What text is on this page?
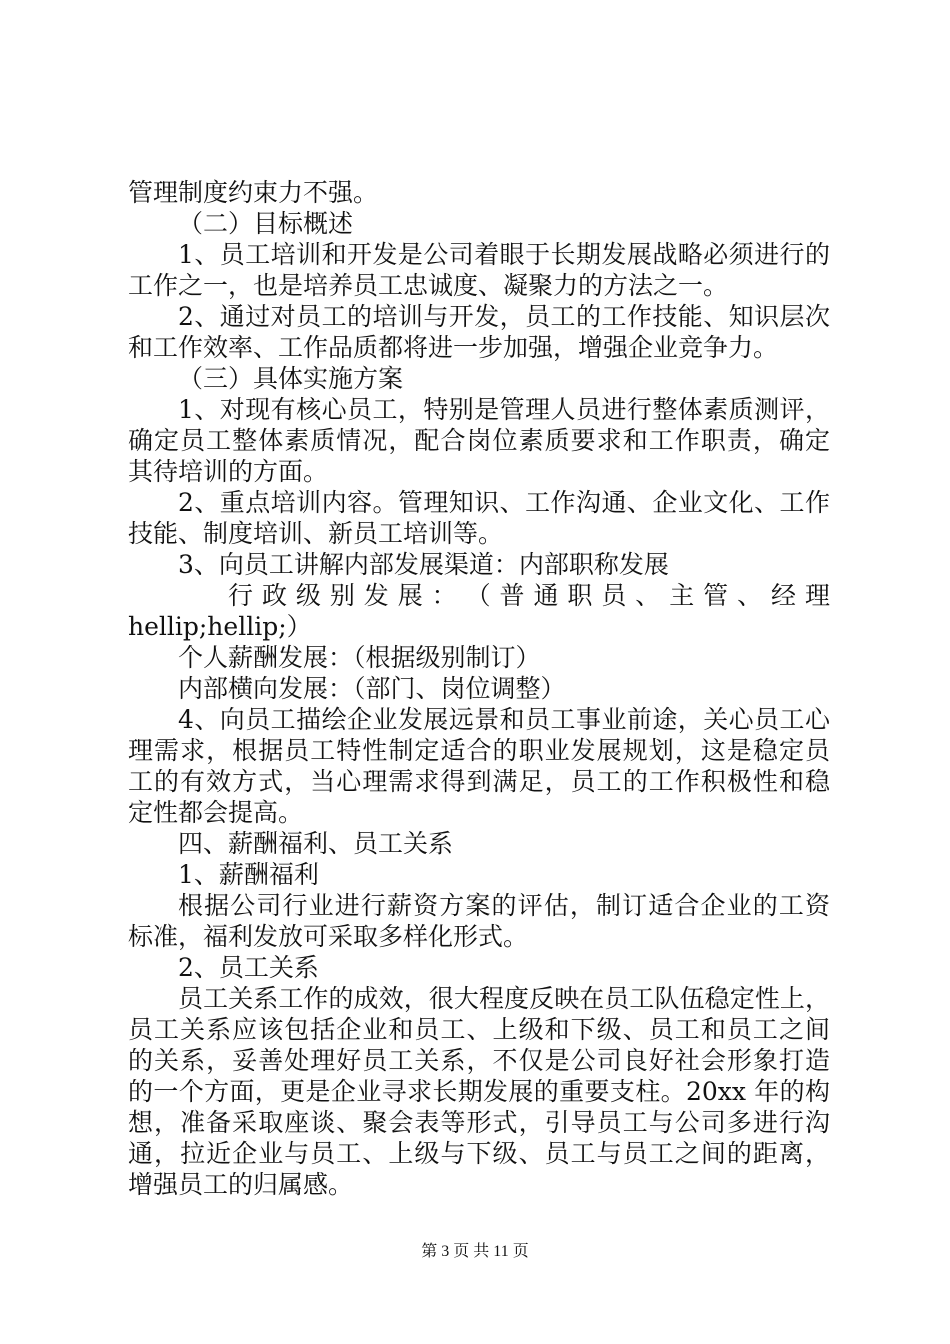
管理制度约束力不强。
（二）目标概述
1、员工培训和开发是公司着眼于长期发展战略必须进行的
工作之一，也是培养员工忠诚度、凝聚力的方法之一。
2、通过对员工的培训与开发，员工的工作技能、知识层次
和工作效率、工作品质都将进一步加强，增强企业竞争力。
（三）具体实施方案
1、对现有核心员工，特别是管理人员进行整体素质测评，
确定员工整体素质情况，配合岗位素质要求和工作职责，确定
其待培训的方面。
2、重点培训内容。管理知识、工作沟通、企业文化、工作
技能、制度培训、新员工培训等。
3、向员工讲解内部发展渠道：内部职称发展
行 政 级 别 发 展 ： （ 普 通 职 员 、 主 管 、 经 理
hellip;hellip;）
个人薪酬发展：（根据级别制订）
内部横向发展：（部门、岗位调整）
4、向员工描绘企业发展远景和员工事业前途，关心员工心
理需求，根据员工特性制定适合的职业发展规划，这是稳定员
工的有效方式，当心理需求得到满足，员工的工作积极性和稳
定性都会提高。
四、薪酬福利、员工关系
1、薪酬福利
根据公司行业进行薪资方案的评估，制订适合企业的工资
标准，福利发放可采取多样化形式。
2、员工关系
员工关系工作的成效，很大程度反映在员工队伍稳定性上，
员工关系应该包括企业和员工、上级和下级、员工和员工之间
的关系，妥善处理好员工关系，不仅是公司良好社会形象打造
的一个方面，更是企业寻求长期发展的重要支柱。20xx 年的构
想，准备采取座谈、聚会表等形式，引导员工与公司多进行沟
通，拉近企业与员工、上级与下级、员工与员工之间的距离，
增强员工的归属感。
第 3 页 共 11 页
